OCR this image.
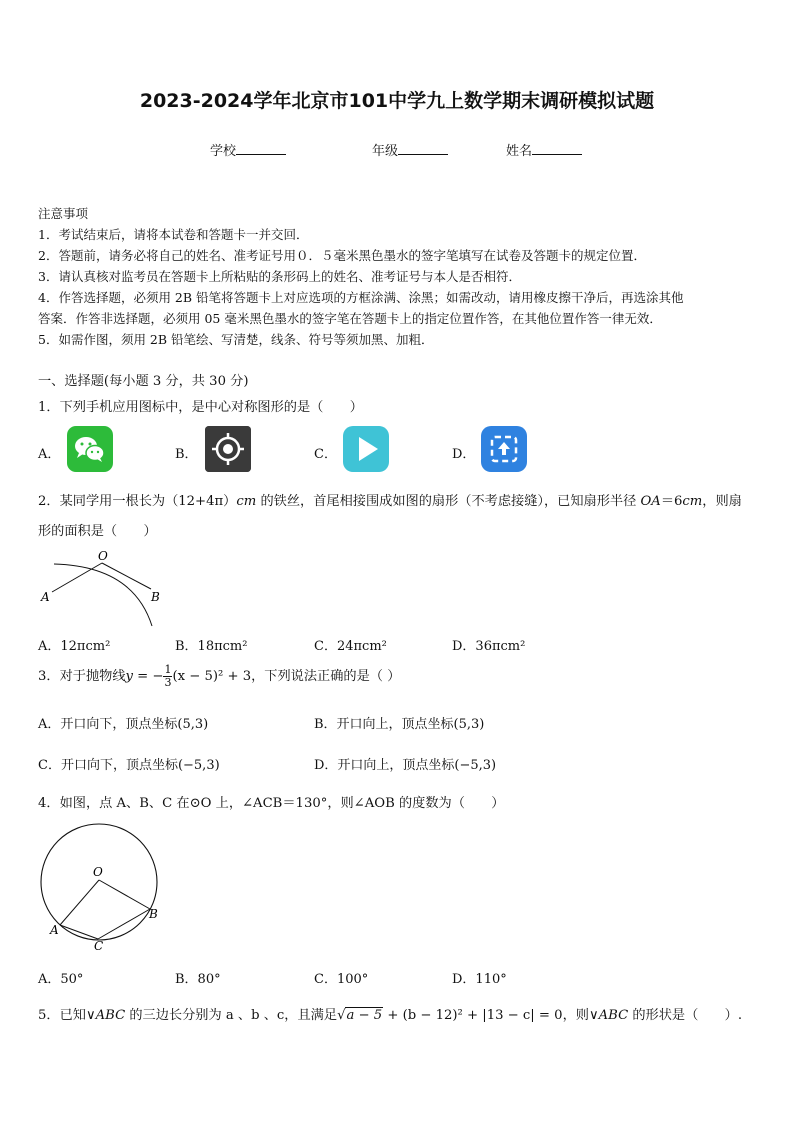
2023-2024学年北京市101中学九上数学期末调研模拟试题
学校	年级	姓名
注意事项
1．考试结束后，请将本试卷和答题卡一并交回．
2．答题前，请务必将自己的姓名、准考证号用０．５毫米黑色墨水的签字笔填写在试卷及答题卡的规定位置．
3．请认真核对监考员在答题卡上所粘贴的条形码上的姓名、准考证号与本人是否相符．
4．作答选择题，必须用 2B 铅笔将答题卡上对应选项的方框涂满、涂黑；如需改动，请用橡皮擦干净后，再选涂其他
答案．作答非选择题，必须用 05 毫米黑色墨水的签字笔在答题卡上的指定位置作答，在其他位置作答一律无效．
5．如需作图，须用 2B 铅笔绘、写清楚，线条、符号等须加黑、加粗．
一、选择题(每小题 3 分，共 30 分)
1．下列手机应用图标中，是中心对称图形的是（　　）
A．	B．	C．	D．
2．某同学用一根长为（12+4π）cm 的铁丝，首尾相接围成如图的扇形（不考虑接缝），已知扇形半径 OA＝6cm，则扇
形的面积是（　　）
O
A	B
A．12πcm²	B．18πcm²	C．24πcm²	D．36πcm²
3．对于抛物线y = − $\frac{1}{3} (x - 5)^2 + 3$，下列说法正确的是（ ）
A．开口向下，顶点坐标(5,3)	B．开口向上，顶点坐标(5,3)
C．开口向下，顶点坐标(−5,3)	D．开口向上，顶点坐标(−5,3)
4．如图，点 A、B、C 在⊙O 上，∠ACB＝130°，则∠AOB 的度数为（　　）
O
A
B
C
A．50°	B．80°	C．100°	D．110°
5．已知∨ABC 的三边长分别为 a 、b 、c，且满足√a − 5 + (b − 12)² + |13 − c| = 0，则∨ABC 的形状是（　　）.
